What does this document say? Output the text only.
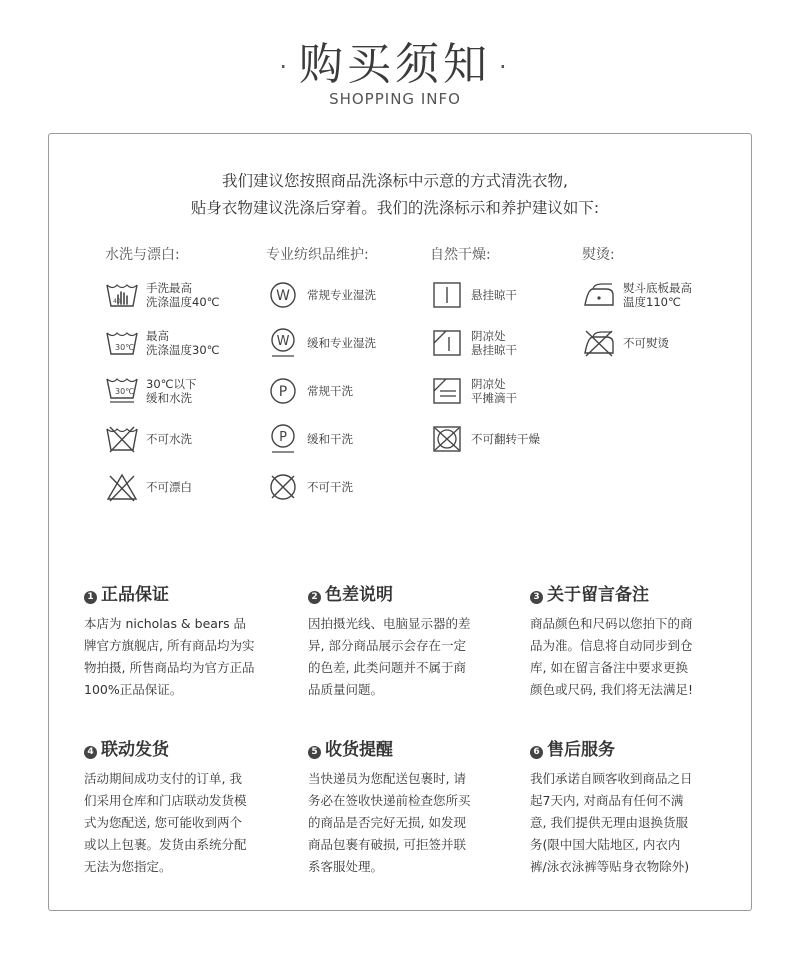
· 购买须知 ·
SHOPPING INFO
我们建议您按照商品洗涤标中示意的方式清洗衣物,
贴身衣物建议洗涤后穿着。我们的洗涤标示和养护建议如下:
水洗与漂白:
40
手洗最高
洗涤温度40℃
30℃
最高
洗涤温度30℃
30℃
30℃以下
缓和水洗
不可水洗
不可漂白
专业纺织品维护:
W 常规专业湿洗
W 缓和专业湿洗
P 常规干洗
P 缓和干洗
不可干洗
自然干燥:
悬挂晾干
阴凉处
悬挂晾干
阴凉处
平摊滴干
不可翻转干燥
熨烫:
熨斗底板最高
温度110℃
不可熨烫
1 正品保证
本店为 nicholas & bears 品
牌官方旗舰店, 所有商品均为实
物拍摄, 所售商品均为官方正品
100%正品保证。
2 色差说明
因拍摄光线、电脑显示器的差
异, 部分商品展示会存在一定
的色差, 此类问题并不属于商
品质量问题。
3 关于留言备注
商品颜色和尺码以您拍下的商
品为准。信息将自动同步到仓
库, 如在留言备注中要求更换
颜色或尺码, 我们将无法满足!
4 联动发货
活动期间成功支付的订单, 我
们采用仓库和门店联动发货模
式为您配送, 您可能收到两个
或以上包裹。发货由系统分配
无法为您指定。
5 收货提醒
当快递员为您配送包裹时, 请
务必在签收快递前检查您所买
的商品是否完好无损, 如发现
商品包裹有破损, 可拒签并联
系客服处理。
6 售后服务
我们承诺自顾客收到商品之日
起7天内, 对商品有任何不满
意, 我们提供无理由退换货服
务(限中国大陆地区, 内衣内
裤/泳衣泳裤等贴身衣物除外)
